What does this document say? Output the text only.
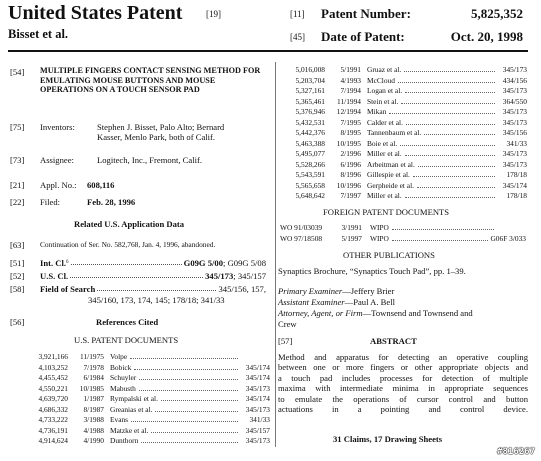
United States Patent	[19]
Bisset et al.
[11] Patent Number:	5,825,352
[45] Date of Patent:	Oct. 20, 1998
[54] MULTIPLE FINGERS CONTACT SENSING METHOD FOR EMULATING MOUSE BUTTONS AND MOUSE OPERATIONS ON A TOUCH SENSOR PAD
[75] Inventors:	Stephen J. Bisset, Palo Alto; Bernard
Kasser, Menlo Park, both of Calif.
[73] Assignee:	Logitech, Inc., Fremont, Calif.
[21] Appl. No.: 608,116
[22] Filed:	Feb. 28, 1996
Related U.S. Application Data
[63] Continuation of Ser. No. 582,768, Jan. 4, 1996, abandoned.
[51] Int. Cl. 6	G09G 5/00 ; G09G 5/08
[52] U.S. Cl.	345/173 ; 345/157
[58] Field of Search	345/156, 157,
345/160, 173, 174, 145; 178/18; 341/33
[56]	References Cited
U.S. PATENT DOCUMENTS
3,921,166	11/1975 Volpe
4,103,252	7/1978 Bobick	345/174
4,455,452	6/1984 Schuyler	345/174
4,550,221	10/1985 Mabusth	345/173
4,639,720	1/1987 Rympalski et al.	345/174
4,686,332	8/1987 Greanias et al.	345/173
4,733,222	3/1988 Evans	341/33
4,736,191	4/1988 Matzke et al.	345/157
4,914,624	4/1990 Dunthorn	345/173
5,016,008	5/1991 Gruaz et al.	345/173
5,203,704	4/1993 McCloud	434/156
5,327,161	7/1994 Logan et al.	345/173
5,365,461	11/1994 Stein et al.	364/550
5,376,946	12/1994 Mikan	345/173
5,432,531	7/1995 Calder et al.	345/173
5,442,376	8/1995 Tannenbaum et al.	345/156
5,463,388	10/1995 Boie et al.	341/33
5,495,077	2/1996 Miller et al.	345/173
5,528,266	6/1996 Arbeitman et al.	345/173
5,543,591	8/1996 Gillespie et al.	178/18
5,565,658	10/1996 Gerpheide et al.	345/174
5,648,642	7/1997 Miller et al.	178/18
FOREIGN PATENT DOCUMENTS
WO 91/03039	3/1991 WIPO
WO 97/18508	5/1997 WIPO	G06F 3/033
OTHER PUBLICATIONS
Synaptics Brochure, “Synaptics Touch Pad”, pp. 1–39.
Primary Examiner—Jeffery Brier
Assistant Examiner—Paul A. Bell
Attorney, Agent, or Firm—Townsend and Townsend and
Crew
[57]	ABSTRACT
Method and apparatus for detecting an operative coupling
between one or more fingers or other appropriate objects and
a touch pad includes processes for detection of multiple
maxima with intermediate minima in appropriate sequences
to emulate the operations of cursor control and button
actuations in a pointing and control device.
31 Claims, 17 Drawing Sheets
#816267
